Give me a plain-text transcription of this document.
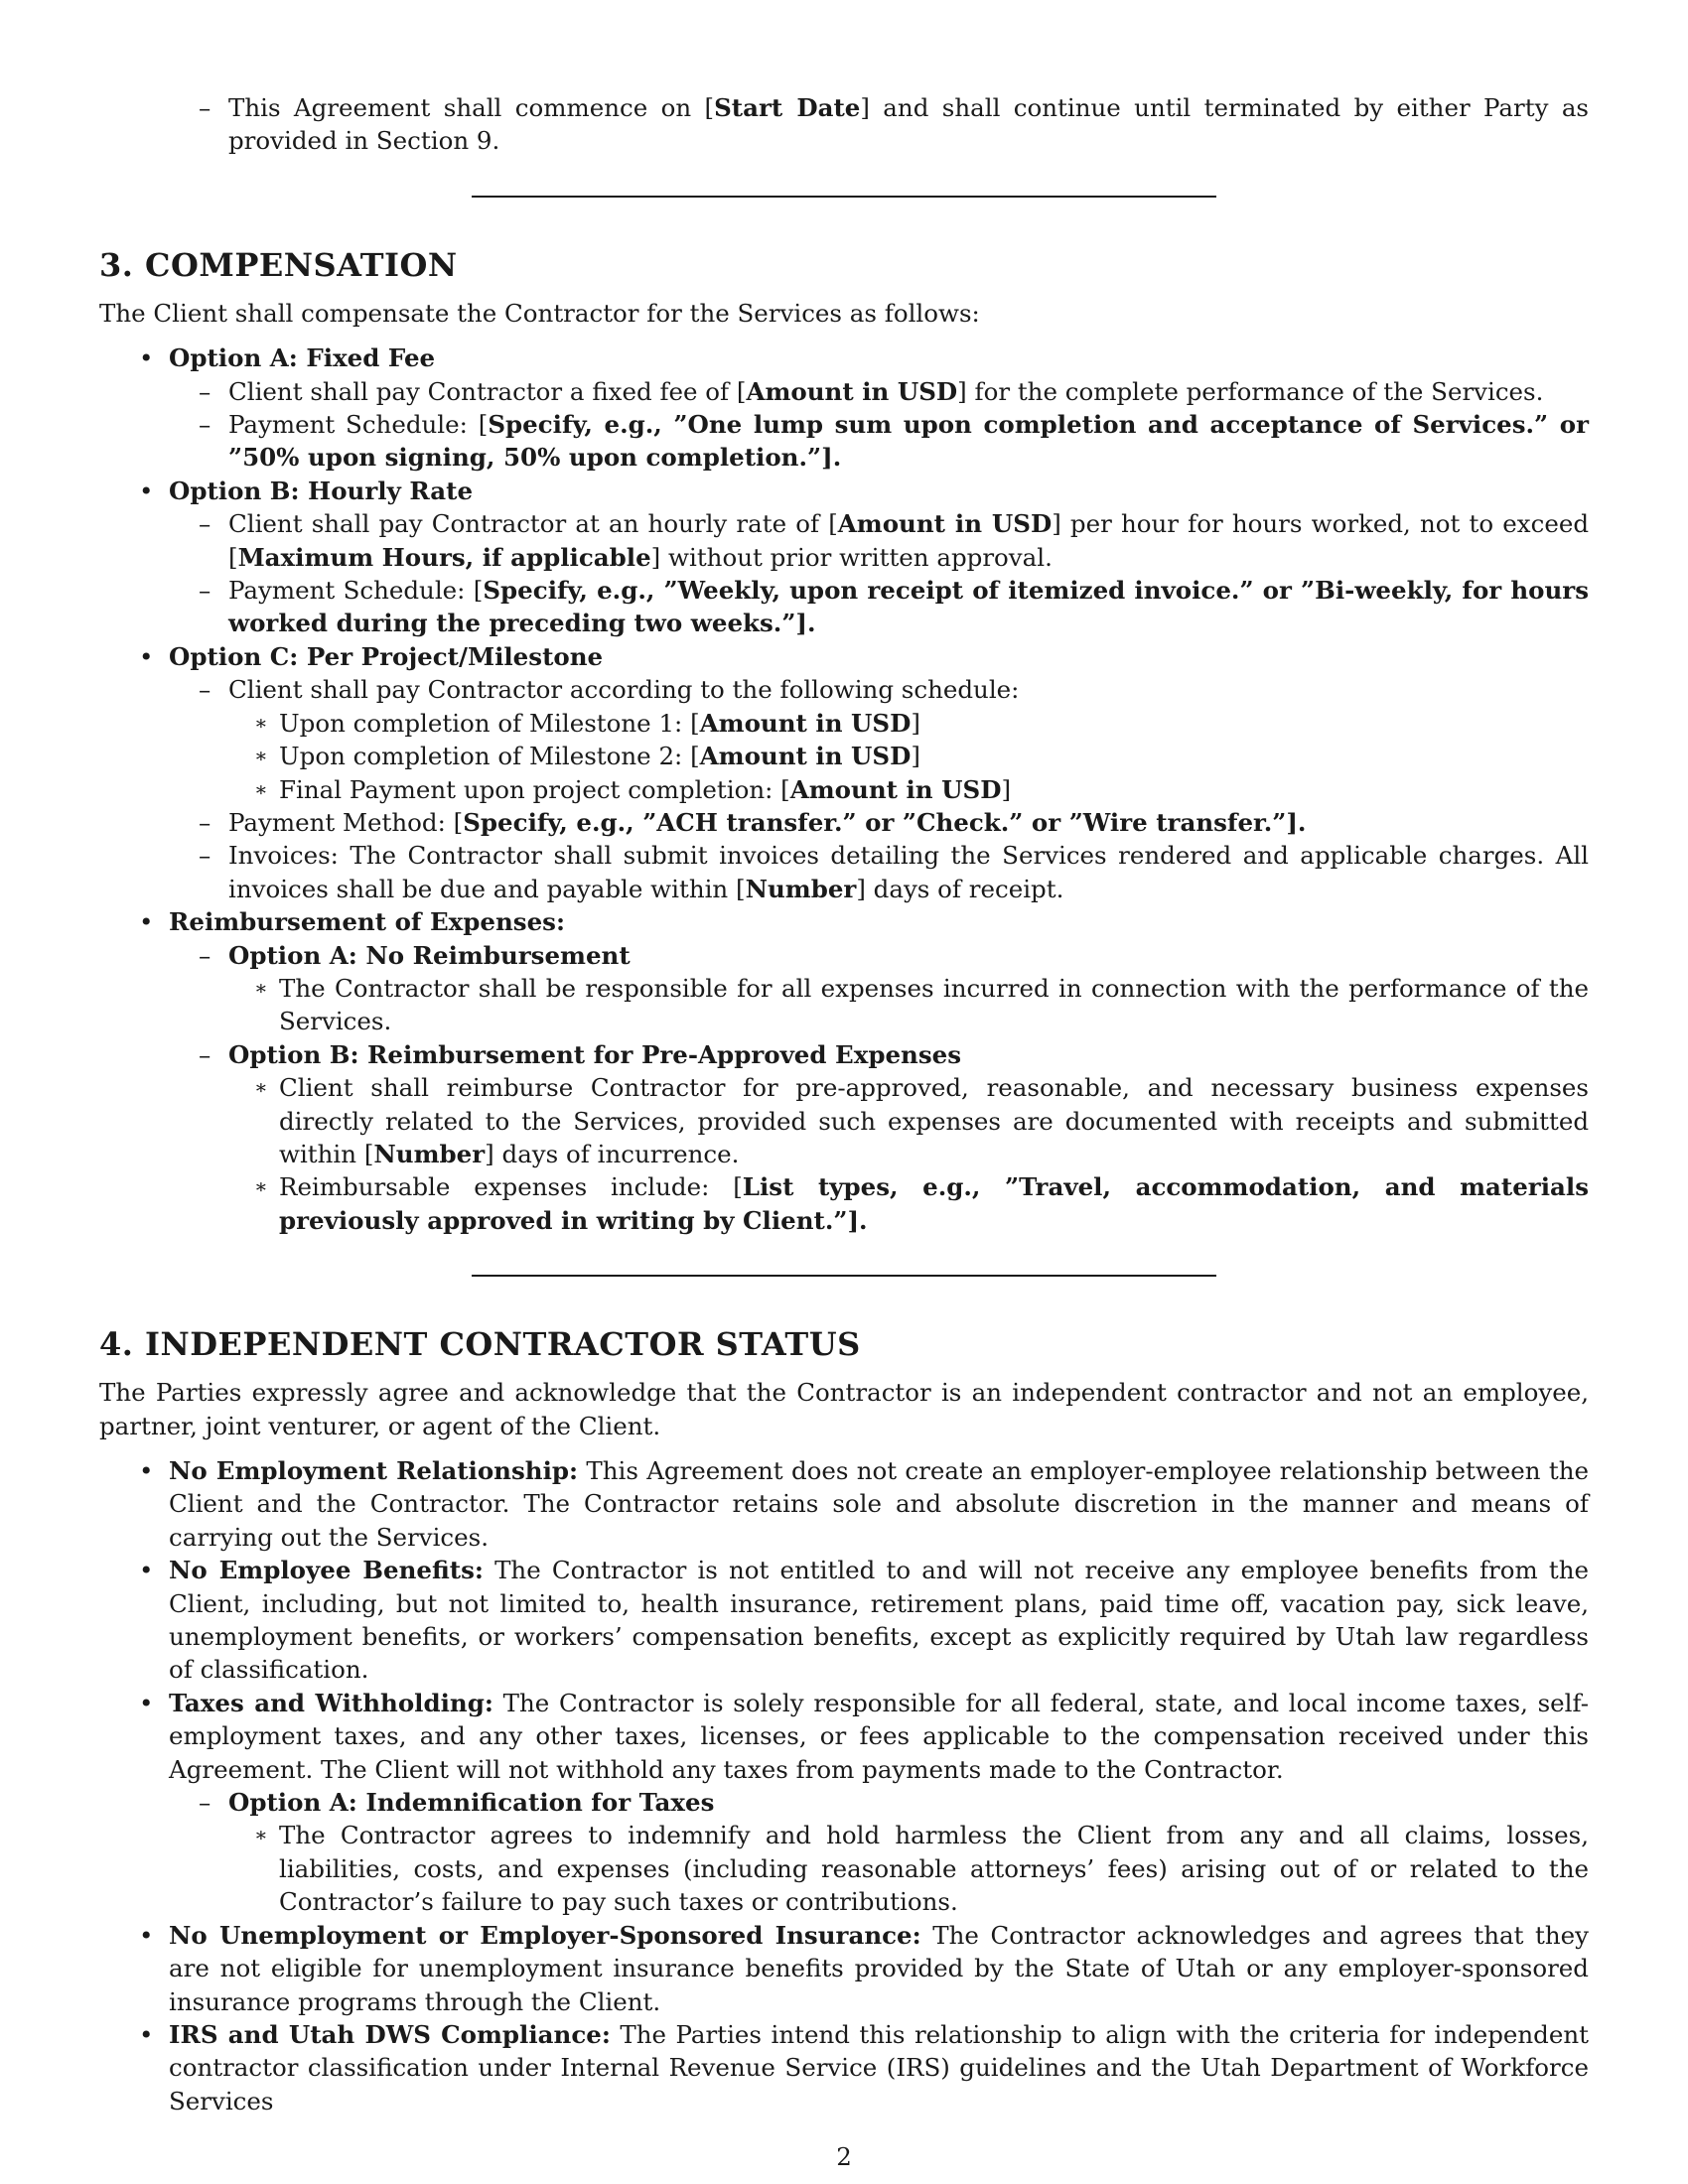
– This Agreement shall commence on [Start Date] and shall continue until terminated by either Party as provided in Section 9.
3. COMPENSATION
The Client shall compensate the Contractor for the Services as follows:
• Option A: Fixed Fee
– Client shall pay Contractor a fixed fee of [Amount in USD] for the complete performance of the Services.
– Payment Schedule: [Specify, e.g., ”One lump sum upon completion and acceptance of Services.” or ”50% upon signing, 50% upon completion.”].
• Option B: Hourly Rate
– Client shall pay Contractor at an hourly rate of [Amount in USD] per hour for hours worked, not to exceed [Maximum Hours, if applicable] without prior written approval.
– Payment Schedule: [Specify, e.g., ”Weekly, upon receipt of itemized invoice.” or ”Bi-weekly, for hours worked during the preceding two weeks.”].
• Option C: Per Project/Milestone
– Client shall pay Contractor according to the following schedule:
∗ Upon completion of Milestone 1: [Amount in USD]
∗ Upon completion of Milestone 2: [Amount in USD]
∗ Final Payment upon project completion: [Amount in USD]
– Payment Method: [Specify, e.g., ”ACH transfer.” or ”Check.” or ”Wire transfer.”].
– Invoices: The Contractor shall submit invoices detailing the Services rendered and applicable charges. All invoices shall be due and payable within [Number] days of receipt.
• Reimbursement of Expenses:
– Option A: No Reimbursement
∗ The Contractor shall be responsible for all expenses incurred in connection with the performance of the Services.
– Option B: Reimbursement for Pre-Approved Expenses
∗ Client shall reimburse Contractor for pre-approved, reasonable, and necessary business expenses directly related to the Services, provided such expenses are documented with receipts and submitted within [Number] days of incurrence.
∗ Reimbursable expenses include: [List types, e.g., ”Travel, accommodation, and materials previously approved in writing by Client.”].
4. INDEPENDENT CONTRACTOR STATUS
The Parties expressly agree and acknowledge that the Contractor is an independent contractor and not an employee, partner, joint venturer, or agent of the Client.
• No Employment Relationship: This Agreement does not create an employer-employee relationship between the Client and the Contractor. The Contractor retains sole and absolute discretion in the manner and means of carrying out the Services.
• No Employee Benefits: The Contractor is not entitled to and will not receive any employee benefits from the Client, including, but not limited to, health insurance, retirement plans, paid time off, vacation pay, sick leave, unemployment benefits, or workers’ compensation benefits, except as explicitly required by Utah law regardless of classification.
• Taxes and Withholding: The Contractor is solely responsible for all federal, state, and local income taxes, self-employment taxes, and any other taxes, licenses, or fees applicable to the compensation received under this Agreement. The Client will not withhold any taxes from payments made to the Contractor.
– Option A: Indemnification for Taxes
∗ The Contractor agrees to indemnify and hold harmless the Client from any and all claims, losses, liabilities, costs, and expenses (including reasonable attorneys’ fees) arising out of or related to the Contractor’s failure to pay such taxes or contributions.
• No Unemployment or Employer-Sponsored Insurance: The Contractor acknowledges and agrees that they are not eligible for unemployment insurance benefits provided by the State of Utah or any employer-sponsored insurance programs through the Client.
• IRS and Utah DWS Compliance: The Parties intend this relationship to align with the criteria for independent contractor classification under Internal Revenue Service (IRS) guidelines and the Utah Department of Workforce Services
2
